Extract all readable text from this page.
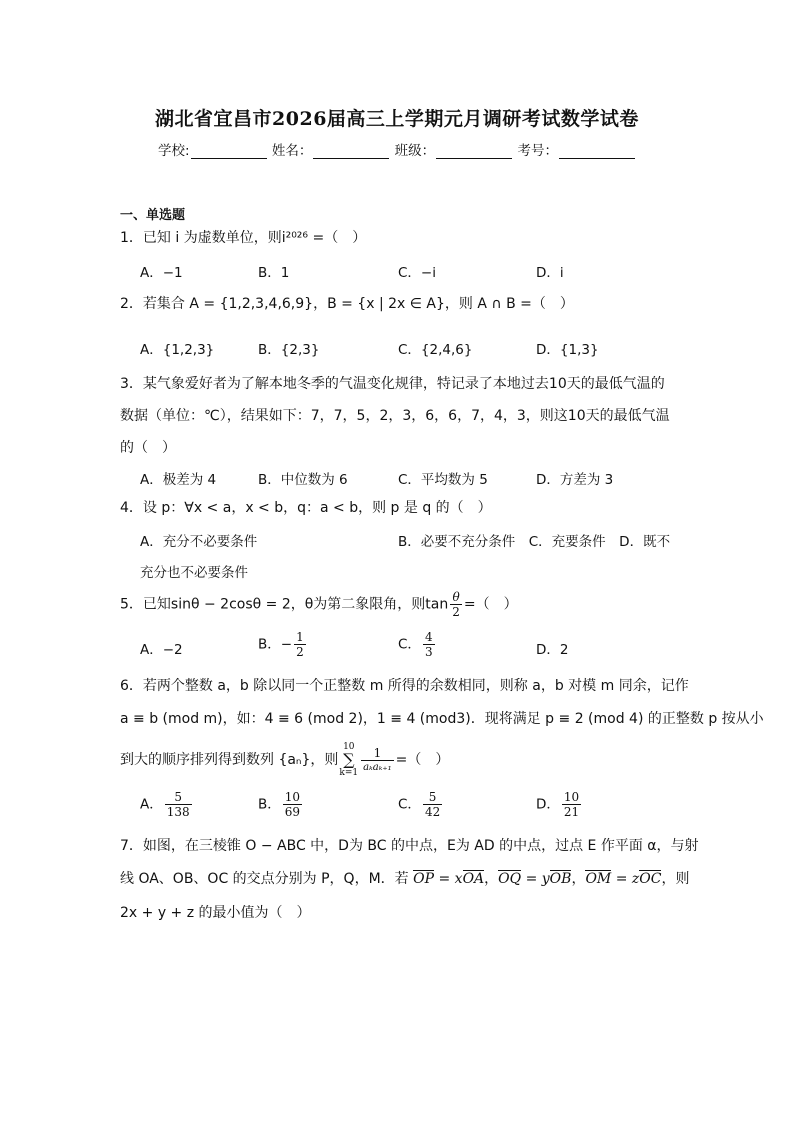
湖北省宜昌市2026届高三上学期元月调研考试数学试卷
学校:	姓名：	班级：	考号：
一、单选题
1．已知 i 为虚数单位，则i²⁰²⁶ =（　）
A．−1	B．1	C．−i	D．i
2．若集合 A = {1,2,3,4,6,9}，B = {x | 2x ∈ A}，则 A ∩ B =（　）
A．{1,2,3}	B．{2,3}	C．{2,4,6}	D．{1,3}
3．某气象爱好者为了解本地冬季的气温变化规律，特记录了本地过去10天的最低气温的数据（单位：℃），结果如下：7，7，5，2，3，6，6，7，4，3，则这10天的最低气温的（　）
A．极差为 4	B．中位数为 6	C．平均数为 5	D．方差为 3
4．设 p：∀x < a，x < b，q：a < b，则 p 是 q 的（　）
A．充分不必要条件	B．必要不充分条件　C．充要条件　D．既不
充分也不必要条件
5．已知sinθ − 2cosθ = 2，θ为第二象限角，则$\tan \frac{\theta}{2}$ =（　）
A．−2	B．− $\frac{1}{2}$	C． $\frac{4}{3}$	D．2
6．若两个整数 a，b 除以同一个正整数 m 所得的余数相同，则称 a，b 对模 m 同余，记作
a ≡ b (mod m)，如：4 ≡ 6 (mod 2)，1 ≡ 4 (mod3)．现将满足 p ≡ 2 (mod 4) 的正整数 p 按从小
到大的顺序排列得到数列 {aₙ}，则
10
∑
$k=1 \frac{1}{\text{aₖaₖ₊₁}}$ =（　）
A． $\frac{5}{138}$	B． $\frac{10}{69}$	C． $\frac{5}{42}$	D． $\frac{10}{21}$
7．如图，在三棱锥 O − ABC 中，D为 BC 的中点，E为 AD 的中点，过点 E 作平面 α，与射
线 OA、OB、OC 的交点分别为 P，Q，M．若 OP = xOA，OQ = yOB，OM = zOC，则
2x + y + z 的最小值为（　）
